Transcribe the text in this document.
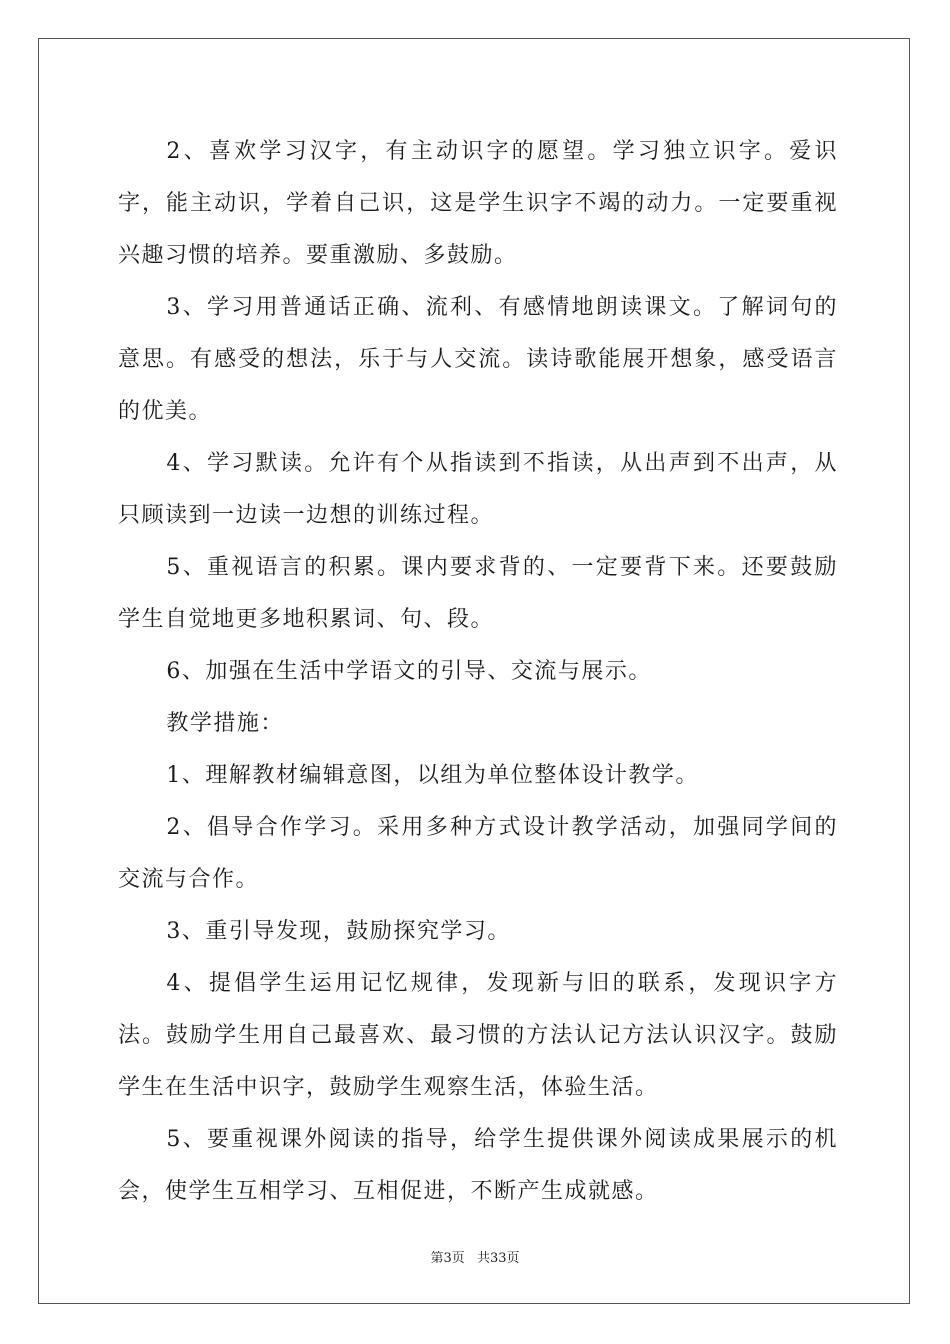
2、喜欢学习汉字，有主动识字的愿望。学习独立识字。爱识字，能主动识，学着自己识，这是学生识字不竭的动力。一定要重视兴趣习惯的培养。要重激励、多鼓励。

3、学习用普通话正确、流利、有感情地朗读课文。了解词句的意思。有感受的想法，乐于与人交流。读诗歌能展开想象，感受语言的优美。

4、学习默读。允许有个从指读到不指读，从出声到不出声，从只顾读到一边读一边想的训练过程。

5、重视语言的积累。课内要求背的、一定要背下来。还要鼓励学生自觉地更多地积累词、句、段。

6、加强在生活中学语文的引导、交流与展示。

教学措施：

1、理解教材编辑意图，以组为单位整体设计教学。

2、倡导合作学习。采用多种方式设计教学活动，加强同学间的交流与合作。

3、重引导发现，鼓励探究学习。

4、提倡学生运用记忆规律，发现新与旧的联系，发现识字方法。鼓励学生用自己最喜欢、最习惯的方法认记方法认识汉字。鼓励学生在生活中识字，鼓励学生观察生活，体验生活。

5、要重视课外阅读的指导，给学生提供课外阅读成果展示的机会，使学生互相学习、互相促进，不断产生成就感。

第3页 共33页
